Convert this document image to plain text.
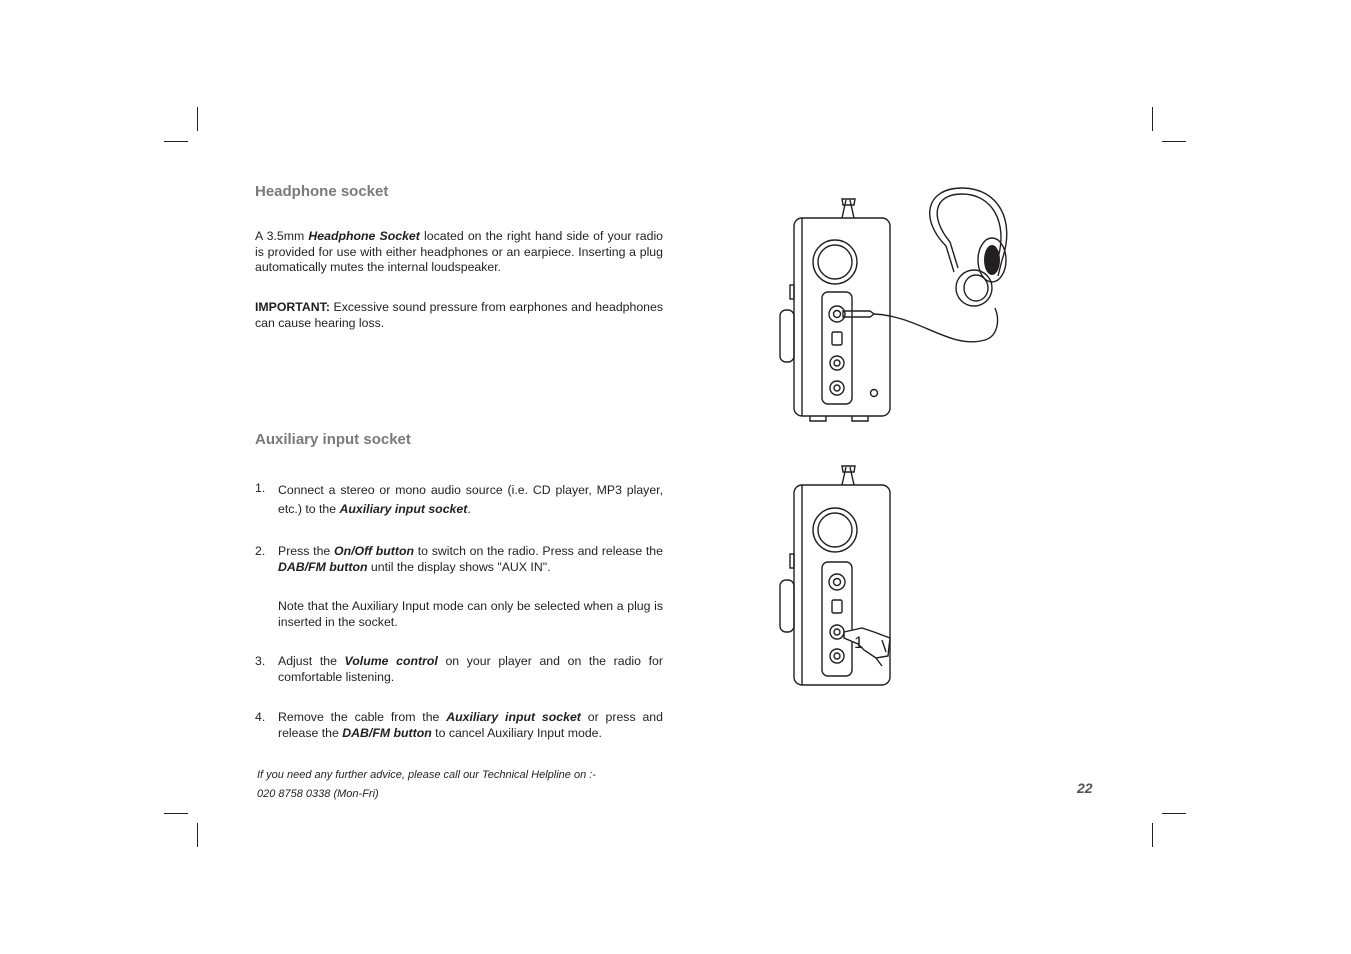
Headphone socket

A 3.5mm Headphone Socket located on the right hand side of your radio is provided for use with either headphones or an earpiece. Inserting a plug automatically mutes the internal loudspeaker.

IMPORTANT: Excessive sound pressure from earphones and headphones can cause hearing loss.

Auxiliary input socket
1. Connect a stereo or mono audio source (i.e. CD player, MP3 player, etc.) to the Auxiliary input socket.
2. Press the On/Off button to switch on the radio. Press and release the DAB/FM button until the display shows "AUX IN".
Note that the Auxiliary Input mode can only be selected when a plug is inserted in the socket.
3. Adjust the Volume control on your player and on the radio for comfortable listening.
4. Remove the cable from the Auxiliary input socket or press and release the DAB/FM button to cancel Auxiliary Input mode.
If you need any further advice, please call our Technical Helpline on :-
020 8758 0338 (Mon-Fri)	22
1
